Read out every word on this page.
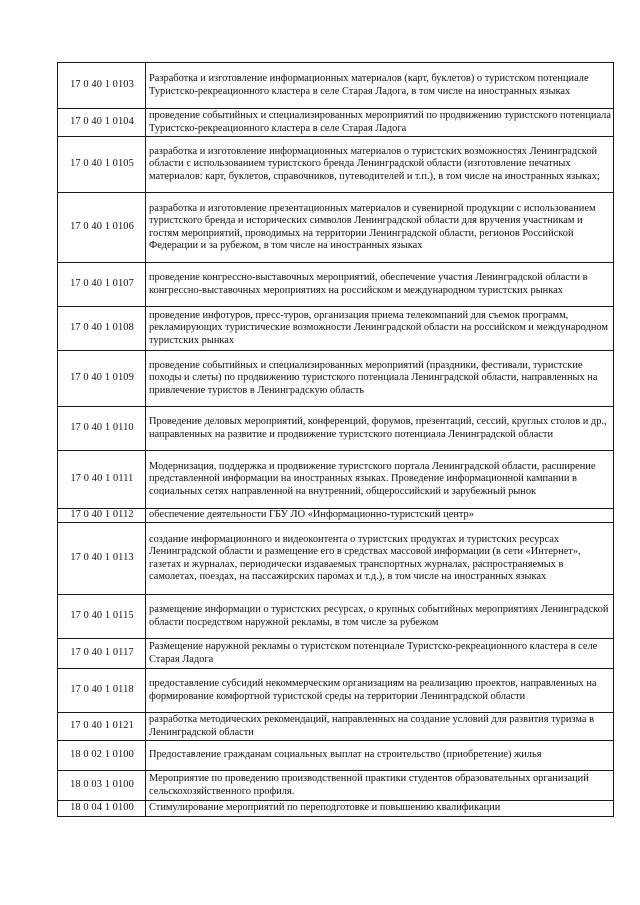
17 0 40 1 0103	Разработка и изготовление информационных материалов (карт, буклетов) о туристском потенциале Туристско-рекреационного кластера в селе Старая Ладога, в том числе на иностранных языках
17 0 40 1 0104	проведение событийных и специализированных мероприятий по продвижению туристского потенциала Туристско-рекреационного кластера в селе Старая Ладога
17 0 40 1 0105	разработка и изготовление информационных материалов о туристских возможностях Ленинградской области с использованием туристского бренда Ленинградской области (изготовление печатных материалов: карт, буклетов, справочников, путеводителей и т.п.), в том числе на иностранных языках;
17 0 40 1 0106	разработка и изготовление презентационных материалов и сувенирной продукции с использованием туристского бренда и исторических символов Ленинградской области для вручения участникам и гостям мероприятий, проводимых на территории Ленинградской области, регионов Российской Федерации и за рубежом, в том числе на иностранных языках
17 0 40 1 0107	проведение конгрессно-выставочных мероприятий, обеспечение участия Ленинградской области в конгрессно-выставочных мероприятиях на российском и международном туристских рынках
17 0 40 1 0108	проведение инфотуров, пресс-туров, организация приема телекомпаний для съемок программ, рекламирующих туристические возможности Ленинградской области на российском и международном туристских рынках
17 0 40 1 0109	проведение событийных и специализированных мероприятий (праздники, фестивали, туристские походы и слеты) по продвижению туристского потенциала Ленинградской области, направленных на привлечение туристов в Ленинградскую область
17 0 40 1 0110	Проведение деловых мероприятий, конференций, форумов, презентаций, сессий, круглых столов и др., направленных на развитие и продвижение туристского потенциала Ленинградской области
17 0 40 1 0111	Модернизация, поддержка и продвижение туристского портала Ленинградской области, расширение представленной информации на иностранных языках. Проведение информационной кампании в социальных сетях направленной на внутренний, общероссийский и зарубежный рынок
17 0 40 1 0112	обеспечение деятельности ГБУ ЛО «Информационно-туристский центр»
17 0 40 1 0113	создание информационного и видеоконтента о туристских продуктах и туристских ресурсах Ленинградской области и размещение его в средствах массовой информации (в сети «Интернет», газетах и журналах, периодически издаваемых транспортных журналах, распространяемых в самолетах, поездах, на пассажирских паромах и т.д.), в том числе на иностранных языках
17 0 40 1 0115	размещение информации о туристских ресурсах, о крупных событийных мероприятиях Ленинградской области посредством наружной рекламы, в том числе за рубежом
17 0 40 1 0117	Размещение наружной рекламы о туристском потенциале Туристско-рекреационного кластера в селе Старая Ладога
17 0 40 1 0118	предоставление субсидий некоммерческим организациям на реализацию проектов, направленных на формирование комфортной туристской среды на территории Ленинградской области
17 0 40 1 0121	разработка методических рекомендаций, направленных на создание условий для развития туризма в Ленинградской области
18 0 02 1 0100	Предоставление гражданам социальных выплат на строительство (приобретение) жилья
18 0 03 1 0100	Мероприятие по проведению производственной практики студентов образовательных организаций сельскохозяйственного профиля.
18 0 04 1 0100	Стимулирование мероприятий по переподготовке и повышению квалификации
